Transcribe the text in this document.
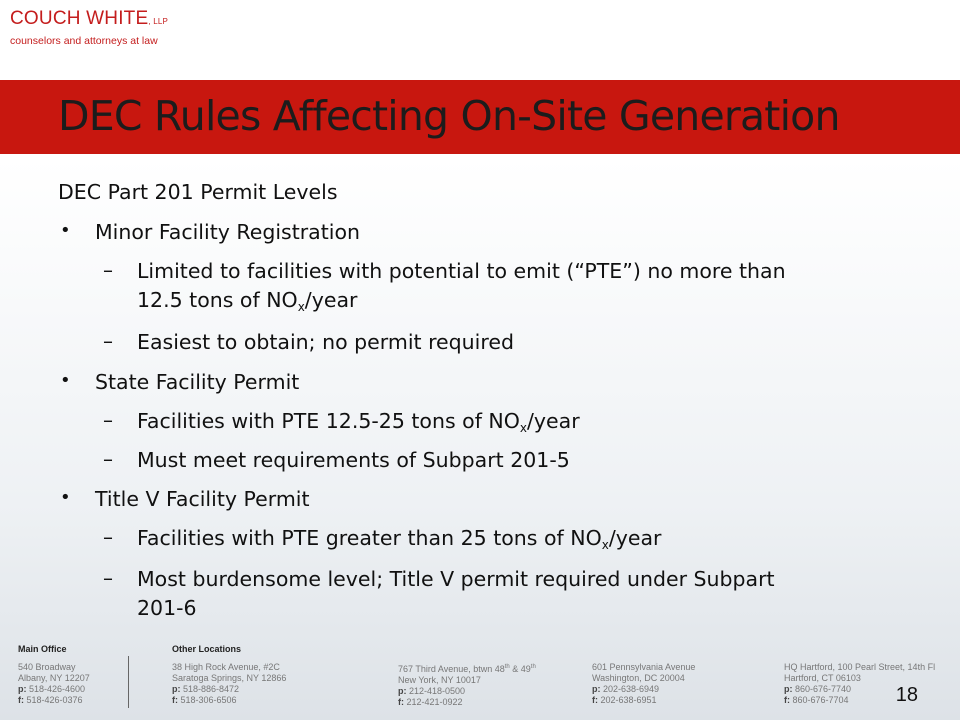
COUCH WHITE, LLP
counselors and attorneys at law
DEC Rules Affecting On-Site Generation
DEC Part 201 Permit Levels
• Minor Facility Registration
– Limited to facilities with potential to emit (“PTE”) no more than
12.5 tons of $NO_x$/year
– Easiest to obtain; no permit required
• State Facility Permit
– Facilities with PTE 12.5-25 tons of $NO_x$/year
– Must meet requirements of Subpart 201-5
• Title V Facility Permit
– Facilities with PTE greater than 25 tons of $NO_x$/year
– Most burdensome level; Title V permit required under Subpart
201-6
Main Office	Other Locations
540 Broadway
Albany, NY 12207
p: 518-426-4600
f: 518-426-0376
38 High Rock Avenue, #2C
Saratoga Springs, NY 12866
p: 518-886-8472
f: 518-306-6506
767 Third Avenue, btwn 48th & 49th
New York, NY 10017
p: 212-418-0500
f: 212-421-0922
601 Pennsylvania Avenue
Washington, DC 20004
p: 202-638-6949
f: 202-638-6951
HQ Hartford, 100 Pearl Street, 14th Fl
Hartford, CT 06103
p: 860-676-7740
f: 860-676-7704	18
